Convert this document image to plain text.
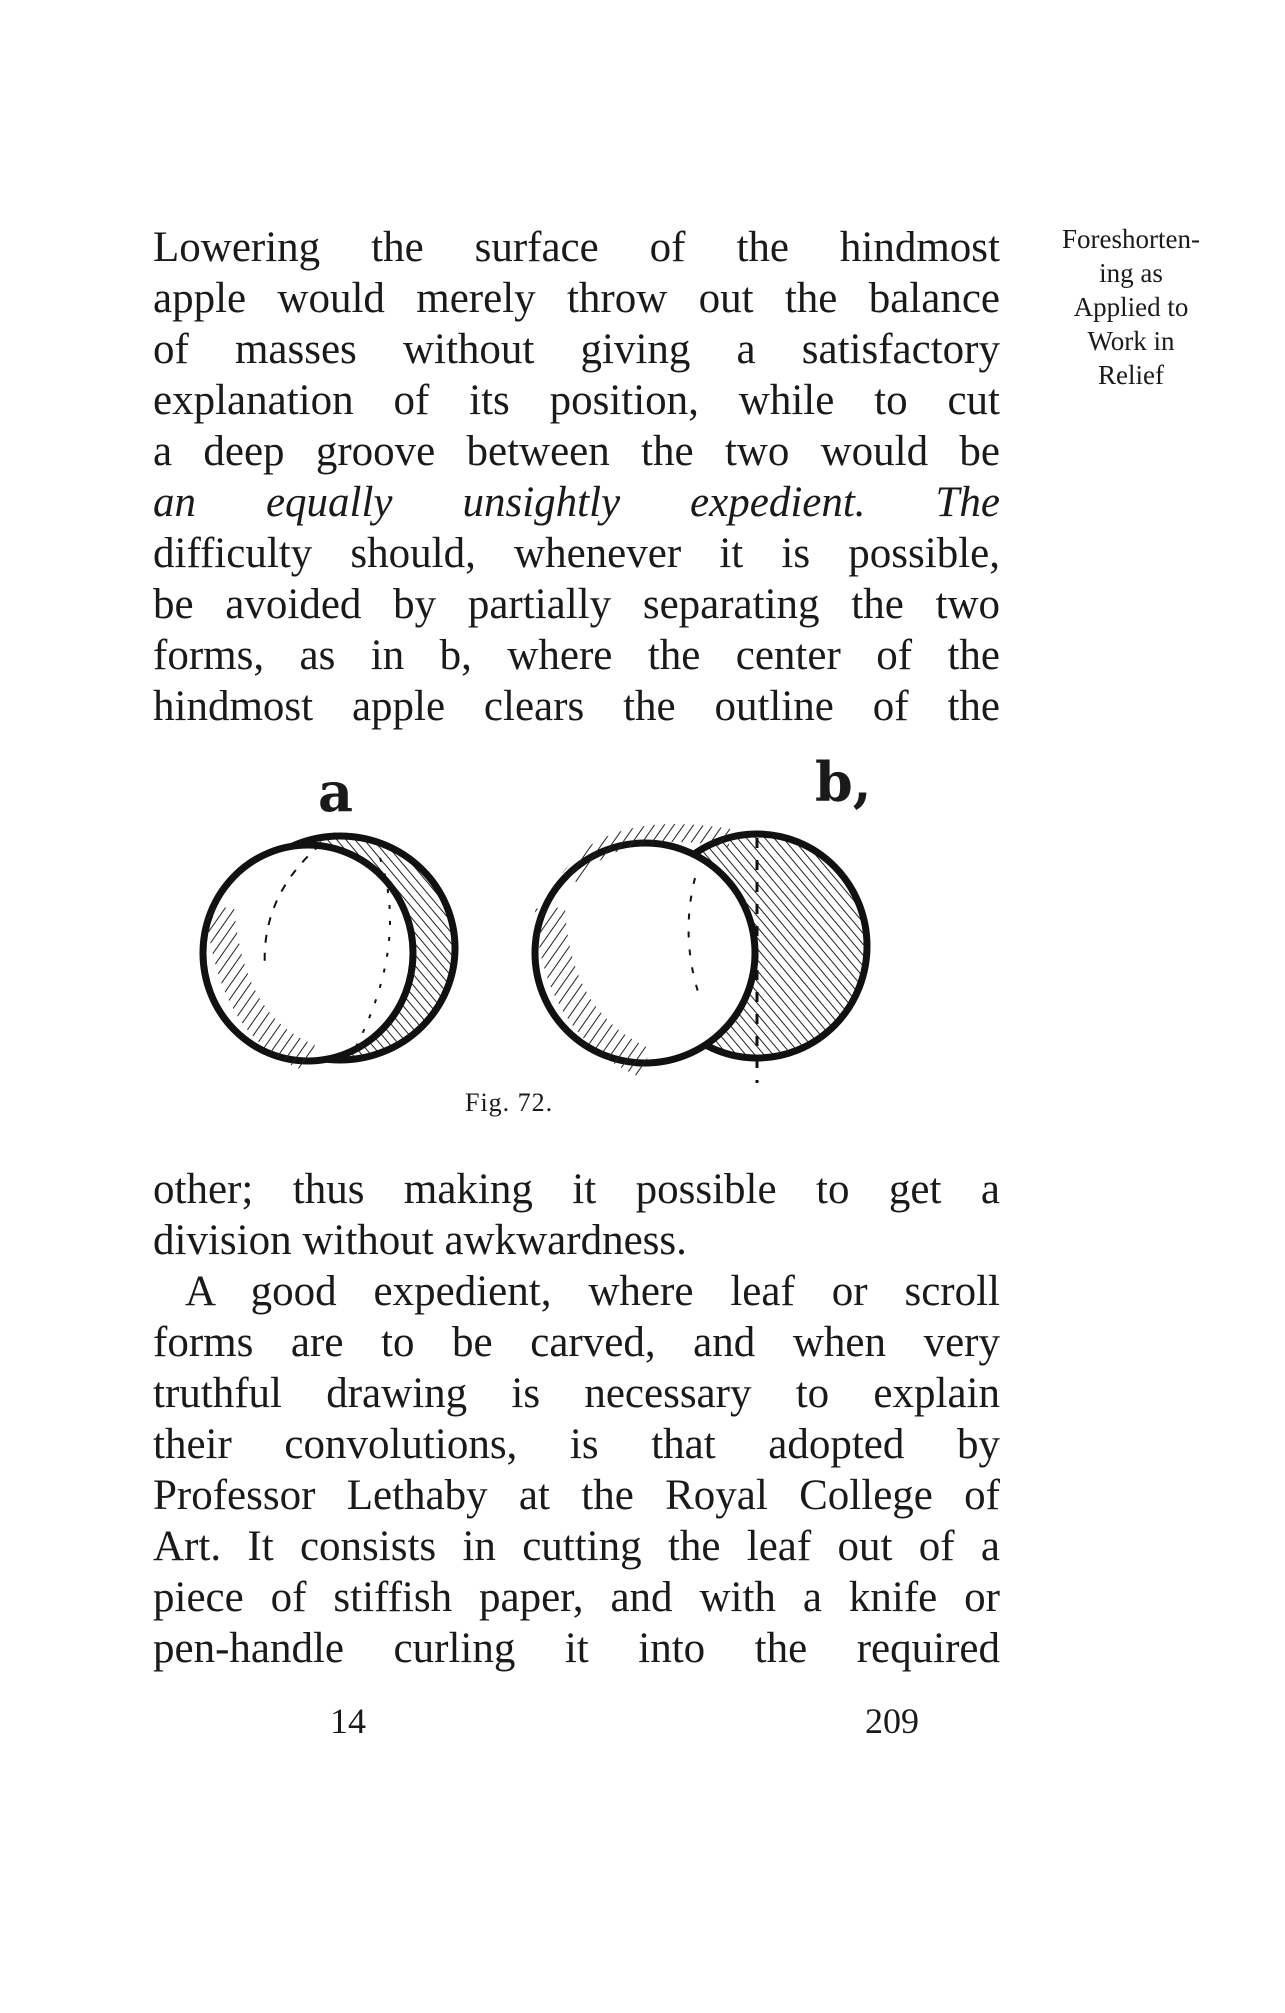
Lowering the surface of the hindmost
apple would merely throw out the balance
of masses without giving a satisfactory
explanation of its position, while to cut
a deep groove between the two would be
an equally unsightly expedient. The
difficulty should, whenever it is possible,
be avoided by partially separating the two
forms, as in b, where the center of the
hindmost apple clears the outline of the
Foreshorten-
ing as
Applied to
Work in
Relief
a	b,
Fig. 72.
other; thus making it possible to get a
division without awkwardness.
A good expedient, where leaf or scroll
forms are to be carved, and when very
truthful drawing is necessary to explain
their convolutions, is that adopted by
Professor Lethaby at the Royal College of
Art. It consists in cutting the leaf out of a
piece of stiffish paper, and with a knife or
pen-handle curling it into the required
14	209
